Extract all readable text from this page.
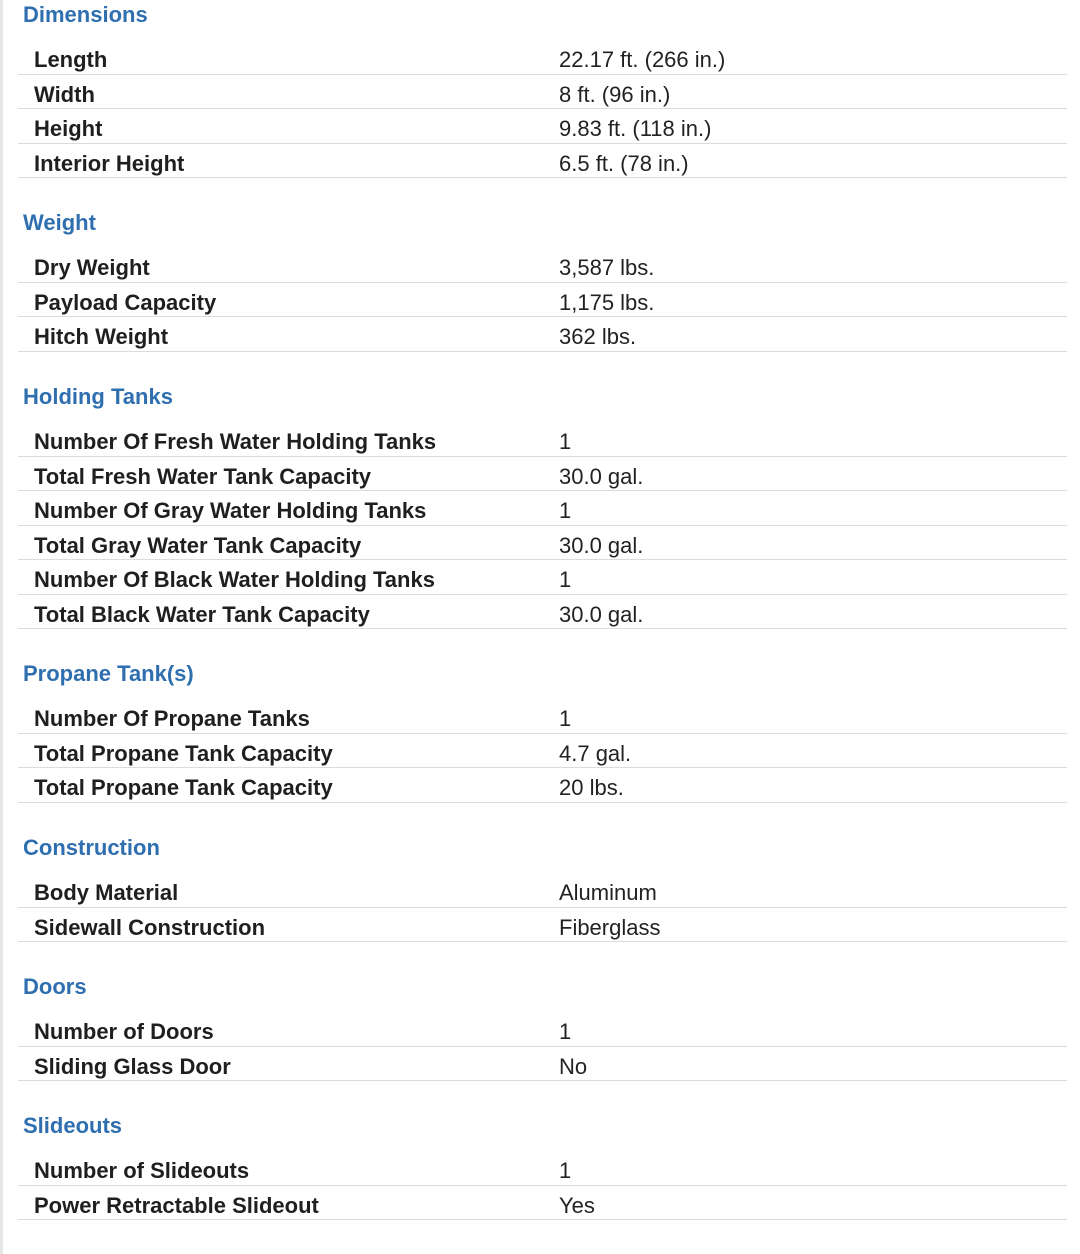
Dimensions
Length	22.17 ft. (266 in.)
Width	8 ft. (96 in.)
Height	9.83 ft. (118 in.)
Interior Height	6.5 ft. (78 in.)
Weight
Dry Weight	3,587 lbs.
Payload Capacity	1,175 lbs.
Hitch Weight	362 lbs.
Holding Tanks
Number Of Fresh Water Holding Tanks	1
Total Fresh Water Tank Capacity	30.0 gal.
Number Of Gray Water Holding Tanks	1
Total Gray Water Tank Capacity	30.0 gal.
Number Of Black Water Holding Tanks	1
Total Black Water Tank Capacity	30.0 gal.
Propane Tank(s)
Number Of Propane Tanks	1
Total Propane Tank Capacity	4.7 gal.
Total Propane Tank Capacity	20 lbs.
Construction
Body Material	Aluminum
Sidewall Construction	Fiberglass
Doors
Number of Doors	1
Sliding Glass Door	No
Slideouts
Number of Slideouts	1
Power Retractable Slideout	Yes
